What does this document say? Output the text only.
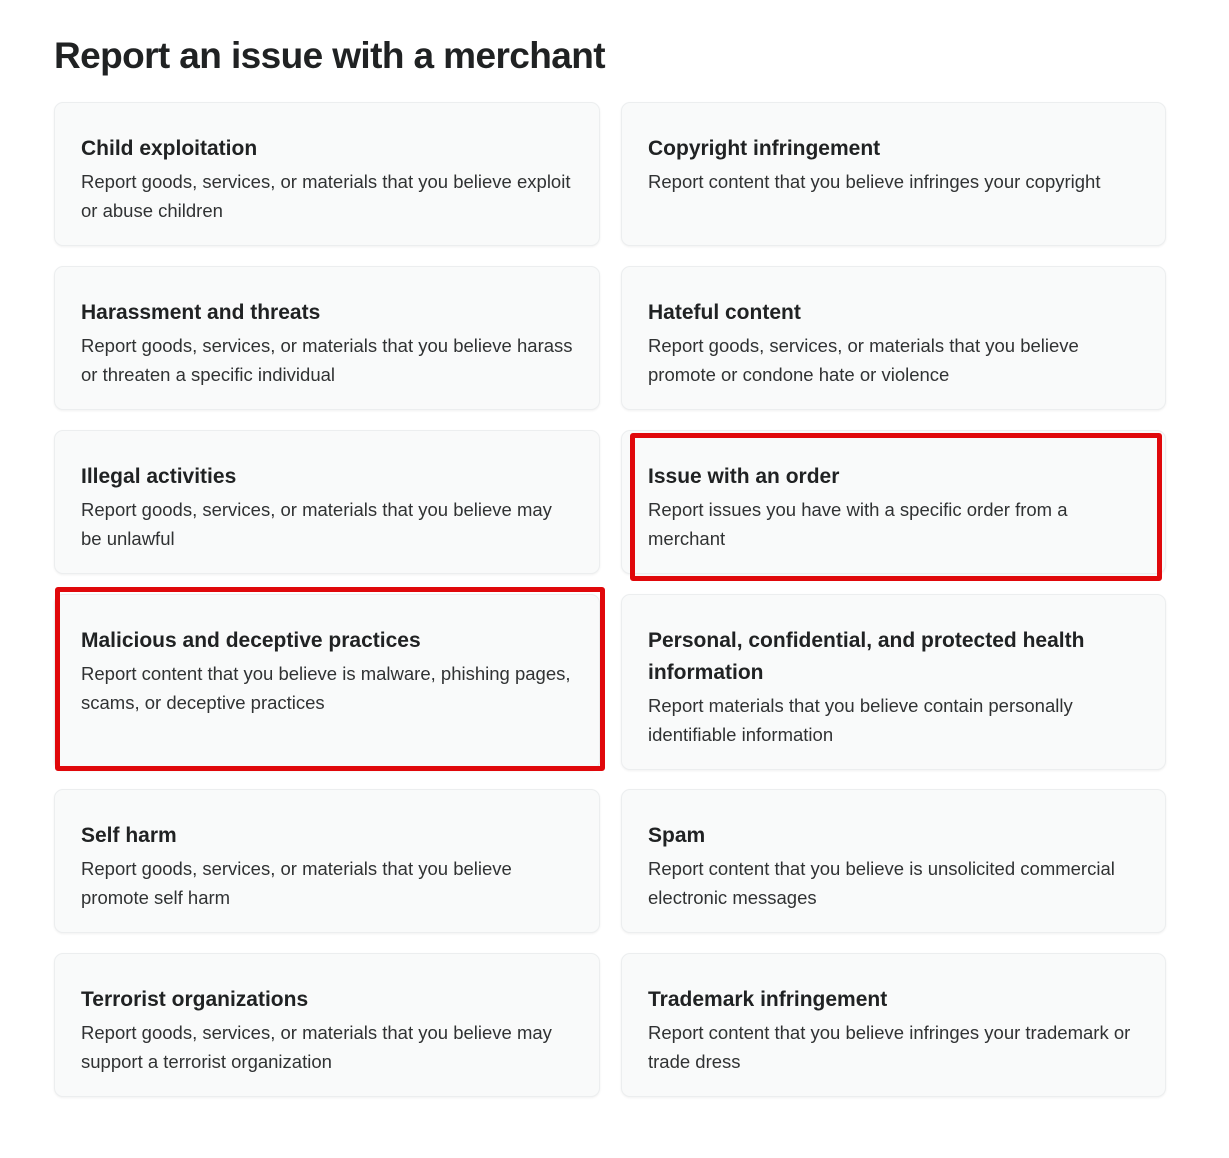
Report an issue with a merchant
Child exploitation

Report goods, services, or materials that you believe exploit or abuse children

Copyright infringement

Report content that you believe infringes your copyright

Harassment and threats

Report goods, services, or materials that you believe harass or threaten a specific individual

Hateful content

Report goods, services, or materials that you believe promote or condone hate or violence

Illegal activities

Report goods, services, or materials that you believe may be unlawful

Issue with an order

Report issues you have with a specific order from a merchant

Malicious and deceptive practices

Report content that you believe is malware, phishing pages, scams, or deceptive practices

Personal, confidential, and protected health information

Report materials that you believe contain personally identifiable information

Self harm

Report goods, services, or materials that you believe promote self harm

Spam

Report content that you believe is unsolicited commercial electronic messages

Terrorist organizations

Report goods, services, or materials that you believe may support a terrorist organization

Trademark infringement

Report content that you believe infringes your trademark or trade dress
